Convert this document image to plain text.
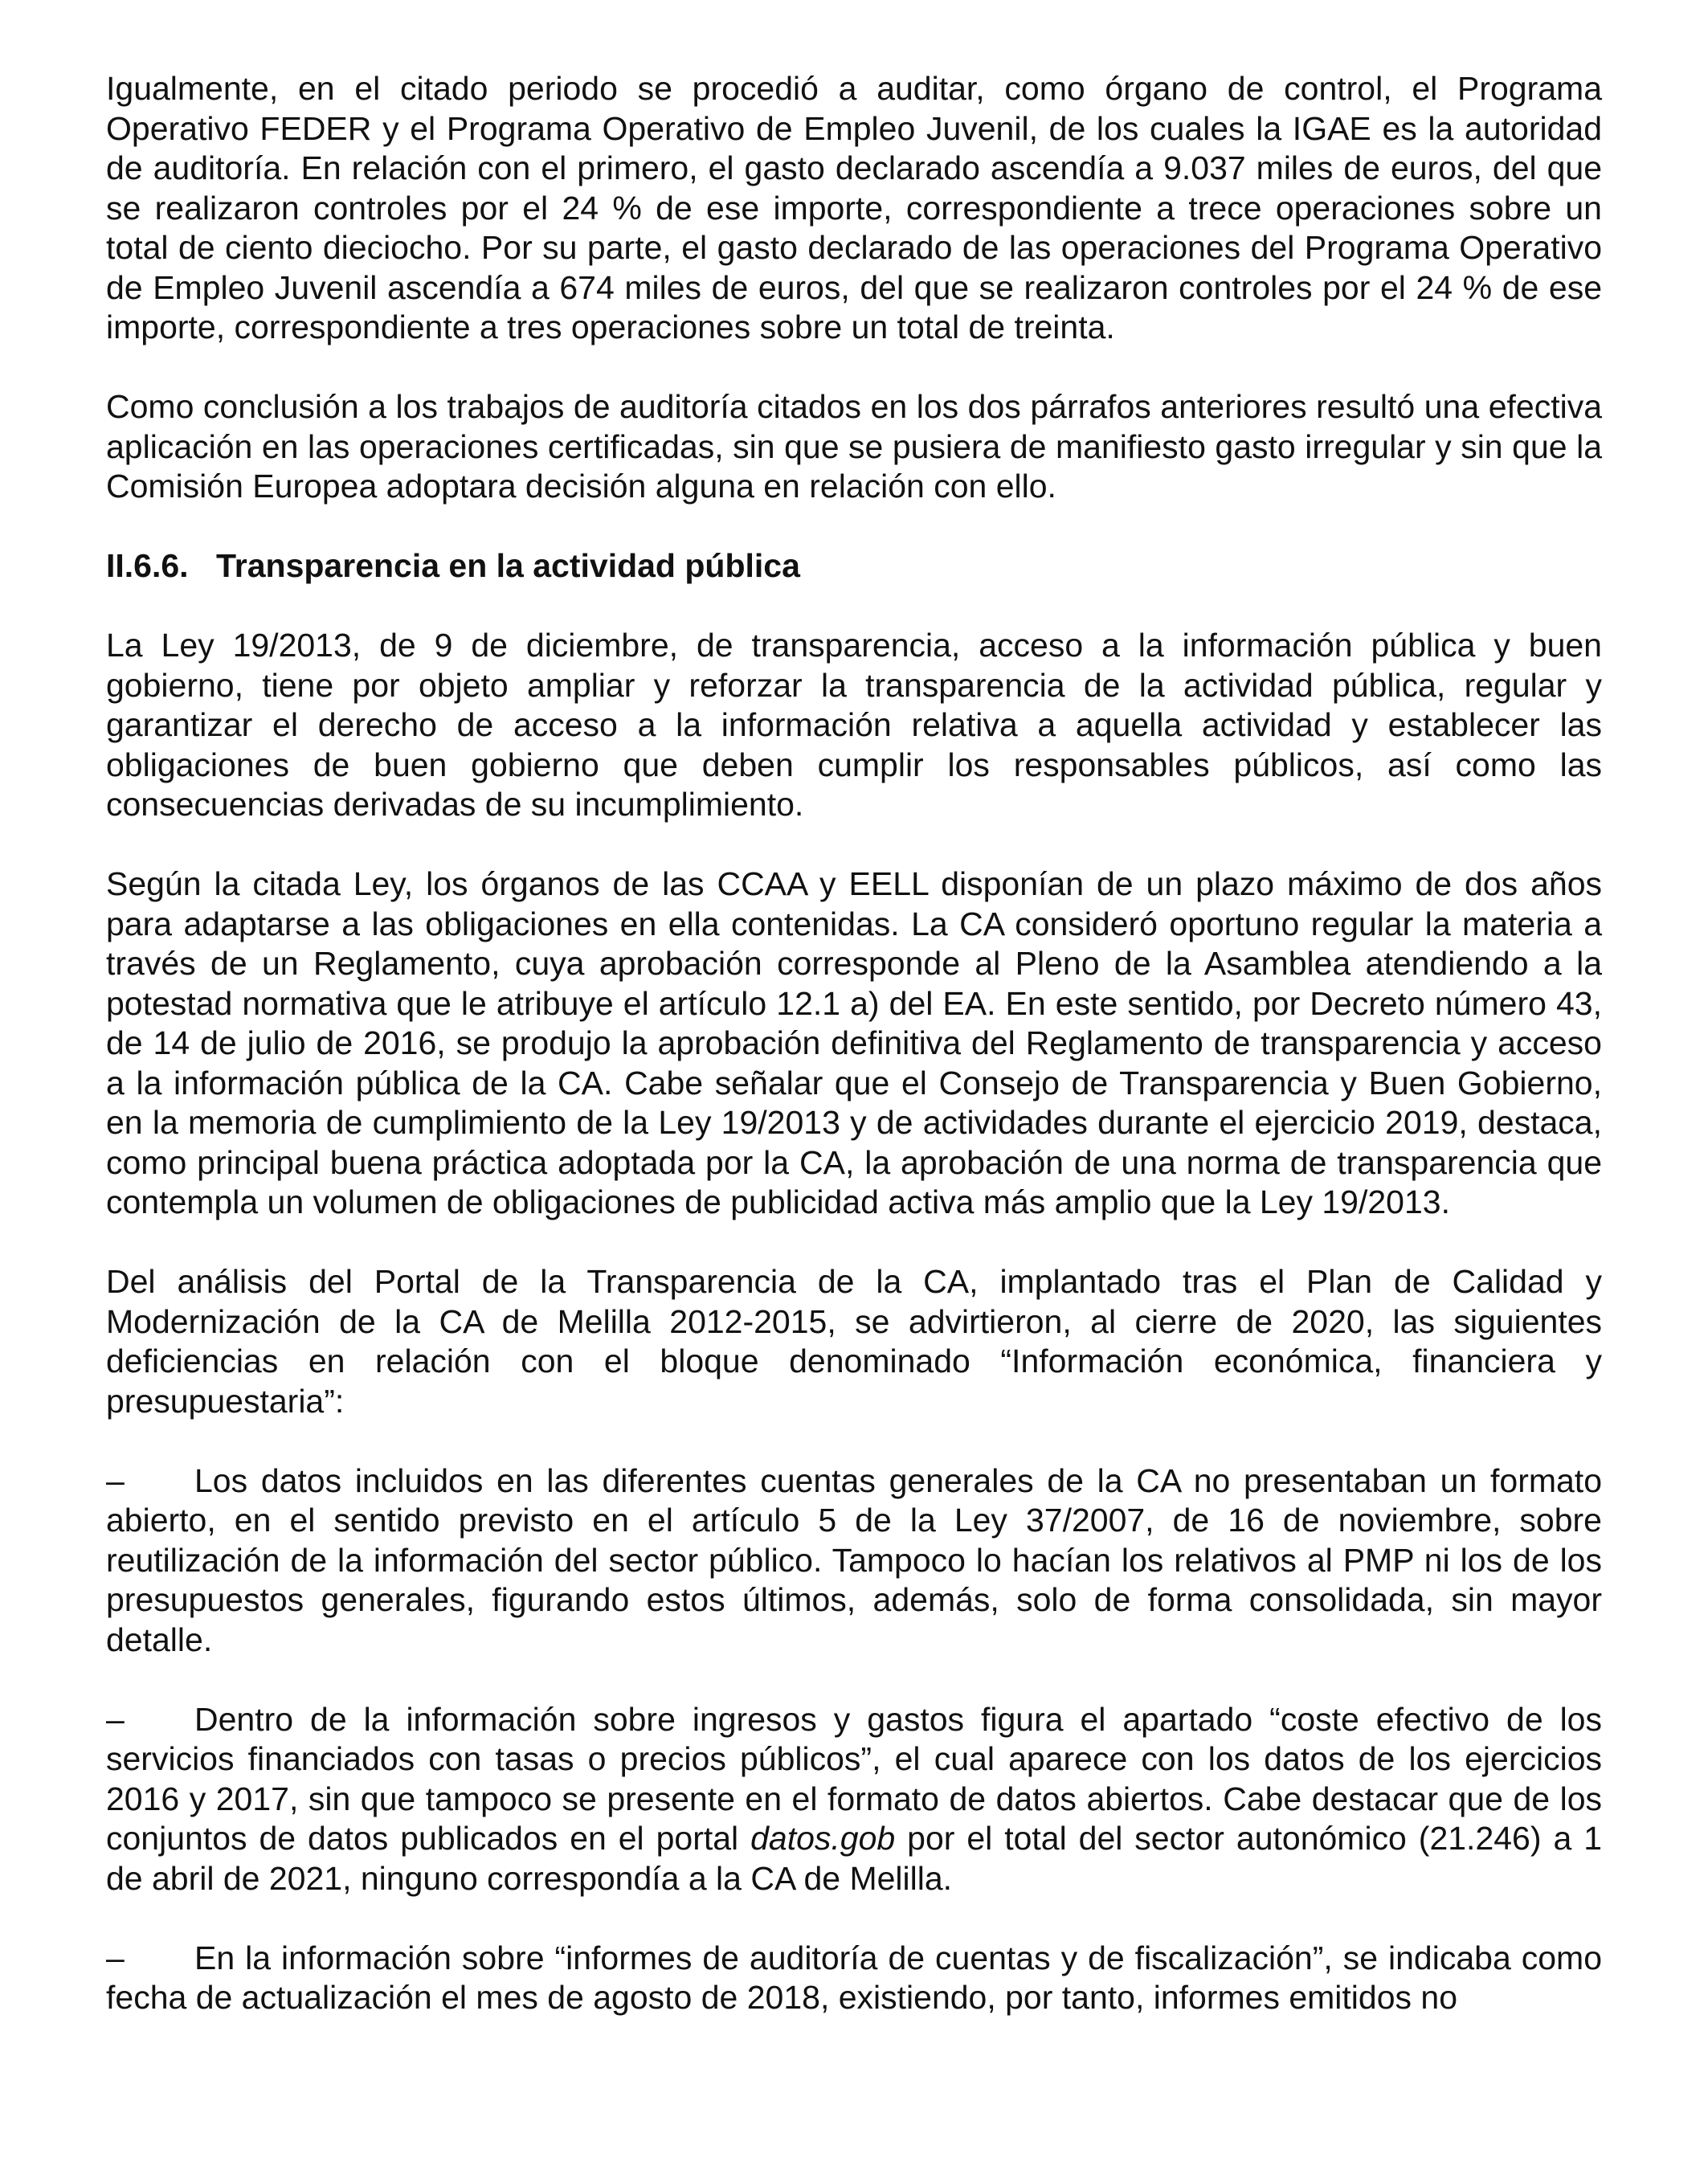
Igualmente, en el citado periodo se procedió a auditar, como órgano de control, el Programa Operativo FEDER y el Programa Operativo de Empleo Juvenil, de los cuales la IGAE es la autoridad de auditoría. En relación con el primero, el gasto declarado ascendía a 9.037 miles de euros, del que se realizaron controles por el 24 % de ese importe, correspondiente a trece operaciones sobre un total de ciento dieciocho. Por su parte, el gasto declarado de las operaciones del Programa Operativo de Empleo Juvenil ascendía a 674 miles de euros, del que se realizaron controles por el 24 % de ese importe, correspondiente a tres operaciones sobre un total de treinta.

Como conclusión a los trabajos de auditoría citados en los dos párrafos anteriores resultó una efectiva aplicación en las operaciones certificadas, sin que se pusiera de manifiesto gasto irregular y sin que la Comisión Europea adoptara decisión alguna en relación con ello.

II.6.6. Transparencia en la actividad pública

La Ley 19/2013, de 9 de diciembre, de transparencia, acceso a la información pública y buen gobierno, tiene por objeto ampliar y reforzar la transparencia de la actividad pública, regular y garantizar el derecho de acceso a la información relativa a aquella actividad y establecer las obligaciones de buen gobierno que deben cumplir los responsables públicos, así como las consecuencias derivadas de su incumplimiento.

Según la citada Ley, los órganos de las CCAA y EELL disponían de un plazo máximo de dos años para adaptarse a las obligaciones en ella contenidas. La CA consideró oportuno regular la materia a través de un Reglamento, cuya aprobación corresponde al Pleno de la Asamblea atendiendo a la potestad normativa que le atribuye el artículo 12.1 a) del EA. En este sentido, por Decreto número 43, de 14 de julio de 2016, se produjo la aprobación definitiva del Reglamento de transparencia y acceso a la información pública de la CA. Cabe señalar que el Consejo de Transparencia y Buen Gobierno, en la memoria de cumplimiento de la Ley 19/2013 y de actividades durante el ejercicio 2019, destaca, como principal buena práctica adoptada por la CA, la aprobación de una norma de transparencia que contempla un volumen de obligaciones de publicidad activa más amplio que la Ley 19/2013.

Del análisis del Portal de la Transparencia de la CA, implantado tras el Plan de Calidad y Modernización de la CA de Melilla 2012-2015, se advirtieron, al cierre de 2020, las siguientes deficiencias en relación con el bloque denominado “Información económica, financiera y presupuestaria”:

– Los datos incluidos en las diferentes cuentas generales de la CA no presentaban un formato abierto, en el sentido previsto en el artículo 5 de la Ley 37/2007, de 16 de noviembre, sobre reutilización de la información del sector público. Tampoco lo hacían los relativos al PMP ni los de los presupuestos generales, figurando estos últimos, además, solo de forma consolidada, sin mayor detalle.

– Dentro de la información sobre ingresos y gastos figura el apartado “coste efectivo de los servicios financiados con tasas o precios públicos”, el cual aparece con los datos de los ejercicios 2016 y 2017, sin que tampoco se presente en el formato de datos abiertos. Cabe destacar que de los conjuntos de datos publicados en el portal datos.gob por el total del sector autonómico (21.246) a 1 de abril de 2021, ninguno correspondía a la CA de Melilla.

– En la información sobre “informes de auditoría de cuentas y de fiscalización”, se indicaba como fecha de actualización el mes de agosto de 2018, existiendo, por tanto, informes emitidos no
